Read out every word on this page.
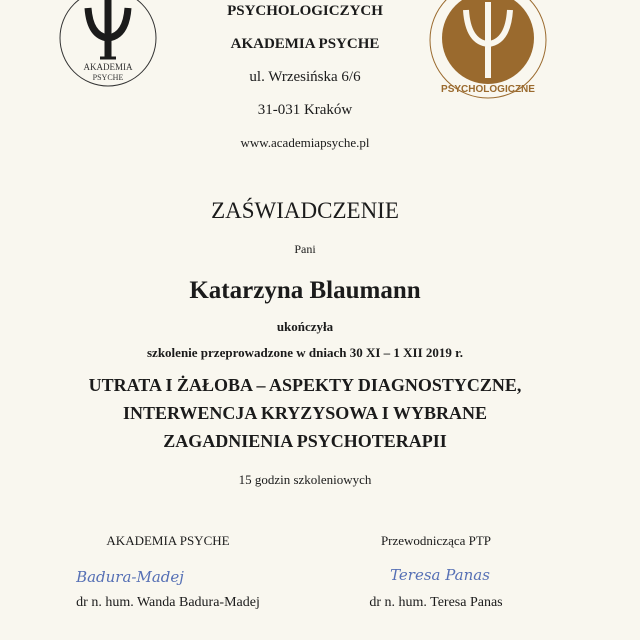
AKADEMIA
PSYCHE
PSYCHOLOGICZNE
PSYCHOLOGICZYCH
AKADEMIA PSYCHE
ul. Wrzesińska 6/6
31-031 Kraków
www.academiapsyche.pl
ZAŚWIADCZENIE
Pani
Katarzyna Blaumann
ukończyła
szkolenie przeprowadzone w dniach 30 XI – 1 XII 2019 r.
UTRATA I ŻAŁOBA – ASPEKTY DIAGNOSTYCZNE,
INTERWENCJA KRYZYSOWA I WYBRANE
ZAGADNIENIA PSYCHOTERAPII
15 godzin szkoleniowych
AKADEMIA PSYCHE
Badura-Madej
dr n. hum. Wanda Badura-Madej
Przewodnicząca PTP
Teresa Panas
dr n. hum. Teresa Panas
